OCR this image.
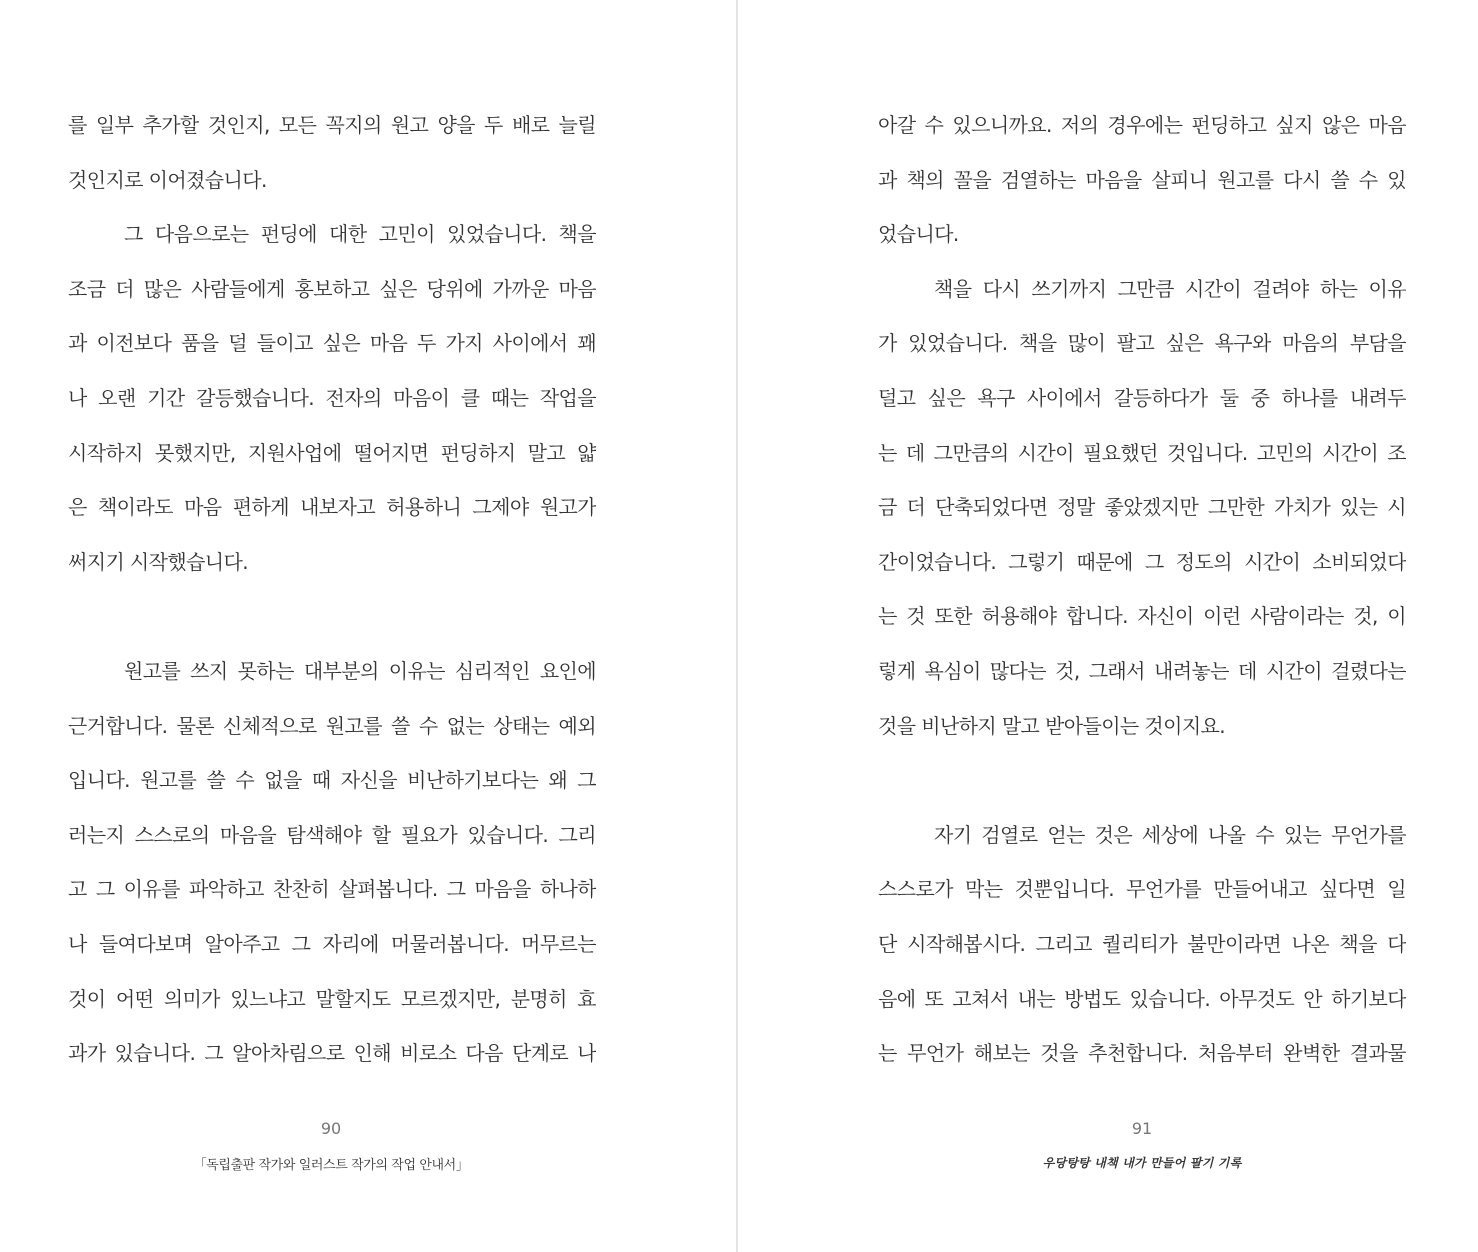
를 일부 추가할 것인지, 모든 꼭지의 원고 양을 두 배로 늘릴
것인지로 이어졌습니다.
그 다음으로는 펀딩에 대한 고민이 있었습니다. 책을
조금 더 많은 사람들에게 홍보하고 싶은 당위에 가까운 마음
과 이전보다 품을 덜 들이고 싶은 마음 두 가지 사이에서 꽤
나 오랜 기간 갈등했습니다. 전자의 마음이 클 때는 작업을
시작하지 못했지만, 지원사업에 떨어지면 펀딩하지 말고 얇
은 책이라도 마음 편하게 내보자고 허용하니 그제야 원고가
써지기 시작했습니다.
원고를 쓰지 못하는 대부분의 이유는 심리적인 요인에
근거합니다. 물론 신체적으로 원고를 쓸 수 없는 상태는 예외
입니다. 원고를 쓸 수 없을 때 자신을 비난하기보다는 왜 그
러는지 스스로의 마음을 탐색해야 할 필요가 있습니다. 그리
고 그 이유를 파악하고 찬찬히 살펴봅니다. 그 마음을 하나하
나 들여다보며 알아주고 그 자리에 머물러봅니다. 머무르는
것이 어떤 의미가 있느냐고 말할지도 모르겠지만, 분명히 효
과가 있습니다. 그 알아차림으로 인해 비로소 다음 단계로 나
90
「독립출판 작가와 일러스트 작가의 작업 안내서」
아갈 수 있으니까요. 저의 경우에는 펀딩하고 싶지 않은 마음
과 책의 꼴을 검열하는 마음을 살피니 원고를 다시 쓸 수 있
었습니다.
책을 다시 쓰기까지 그만큼 시간이 걸려야 하는 이유
가 있었습니다. 책을 많이 팔고 싶은 욕구와 마음의 부담을
덜고 싶은 욕구 사이에서 갈등하다가 둘 중 하나를 내려두
는 데 그만큼의 시간이 필요했던 것입니다. 고민의 시간이 조
금 더 단축되었다면 정말 좋았겠지만 그만한 가치가 있는 시
간이었습니다. 그렇기 때문에 그 정도의 시간이 소비되었다
는 것 또한 허용해야 합니다. 자신이 이런 사람이라는 것, 이
렇게 욕심이 많다는 것, 그래서 내려놓는 데 시간이 걸렸다는
것을 비난하지 말고 받아들이는 것이지요.
자기 검열로 얻는 것은 세상에 나올 수 있는 무언가를
스스로가 막는 것뿐입니다. 무언가를 만들어내고 싶다면 일
단 시작해봅시다. 그리고 퀄리티가 불만이라면 나온 책을 다
음에 또 고쳐서 내는 방법도 있습니다. 아무것도 안 하기보다
는 무언가 해보는 것을 추천합니다. 처음부터 완벽한 결과물
91
우당탕탕 내책 내가 만들어 팔기 기록
